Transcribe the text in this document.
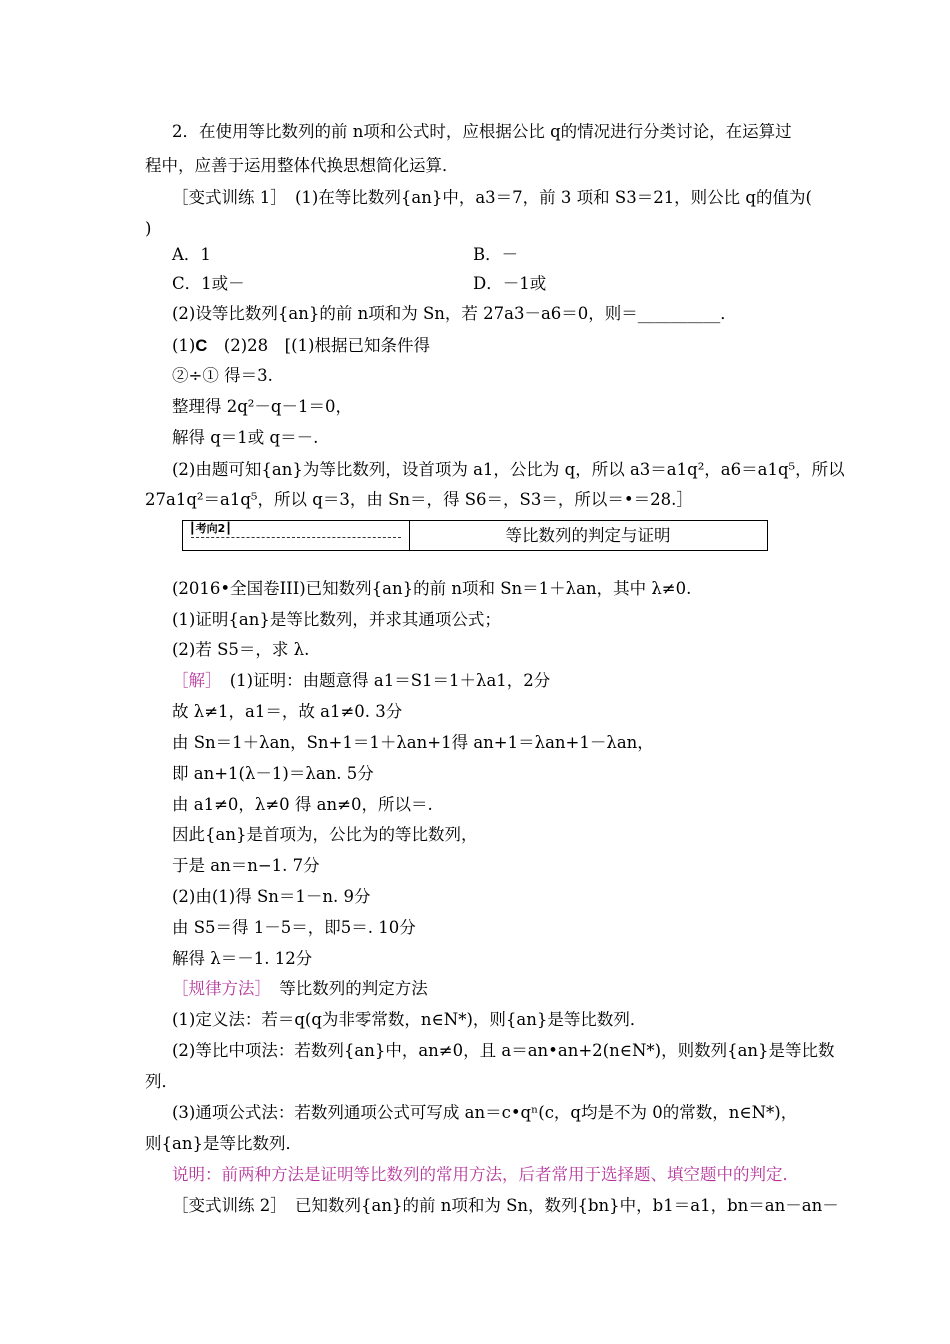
2．在使用等比数列的前 n项和公式时，应根据公比 q的情况进行分类讨论，在运算过
程中，应善于运用整体代换思想简化运算．
［变式训练 1］　(1)在等比数列{an}中，a3＝7，前 3 项和 S3＝21，则公比 q的值为(
)
A．1	B．－
C．1或－	D．－1或
(2)设等比数列{an}的前 n项和为 Sn，若 27a3－a6＝0，则＝__________．
(1)C　(2)28　[(1)根据已知条件得
②÷① 得＝3.
整理得 2q²－q－1＝0，
解得 q＝1或 q＝－.
(2)由题可知{an}为等比数列，设首项为 a1，公比为 q，所以 a3＝a1q²，a6＝a1q⁵，所以
27a1q²＝a1q⁵，所以 q＝3，由 Sn＝，得 S6＝，S3＝，所以＝•＝28.］
┃考向2┃	等比数列的判定与证明
(2016•全国卷III)已知数列{an}的前 n项和 Sn＝1＋λan，其中 λ≠0.
(1)证明{an}是等比数列，并求其通项公式；
(2)若 S5＝，求 λ.
［解］　(1)证明：由题意得 a1＝S1＝1＋λa1，2分
故 λ≠1，a1＝，故 a1≠0. 3分
由 Sn＝1＋λan，Sn+1＝1＋λan+1得 an+1＝λan+1－λan，
即 an+1(λ－1)＝λan. 5分
由 a1≠0，λ≠0 得 an≠0，所以＝.
因此{an}是首项为，公比为的等比数列，
于是 an＝n−1. 7分
(2)由(1)得 Sn＝1－n. 9分
由 S5＝得 1－5＝，即5＝. 10分
解得 λ＝－1. 12分
［规律方法］　等比数列的判定方法
(1)定义法：若＝q(q为非零常数，n∈N*)，则{an}是等比数列．
(2)等比中项法：若数列{an}中，an≠0，且 a＝an•an+2(n∈N*)，则数列{an}是等比数
列．
(3)通项公式法：若数列通项公式可写成 an＝c•qⁿ(c，q均是不为 0的常数，n∈N*)，
则{an}是等比数列．
说明：前两种方法是证明等比数列的常用方法，后者常用于选择题、填空题中的判定．
［变式训练 2］　已知数列{an}的前 n项和为 Sn，数列{bn}中，b1＝a1，bn＝an－an－
